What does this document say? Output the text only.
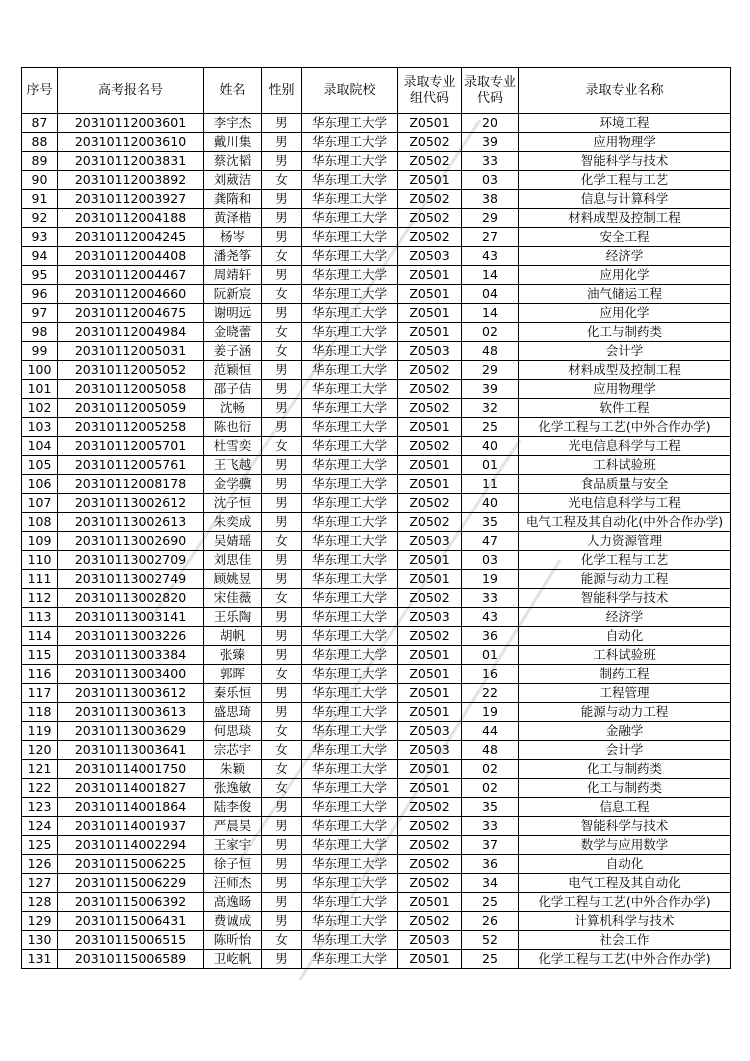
序号	高考报名号	姓名	性别	录取院校	录取专业组代码	录取专业代码	录取专业名称
87	20310112003601	李宇杰	男	华东理工大学	Z0501	20	环境工程
88	20310112003610	戴川集	男	华东理工大学	Z0502	39	应用物理学
89	20310112003831	蔡沈韬	男	华东理工大学	Z0502	33	智能科学与技术
90	20310112003892	刘葳洁	女	华东理工大学	Z0501	03	化学工程与工艺
91	20310112003927	龚隋和	男	华东理工大学	Z0502	38	信息与计算科学
92	20310112004188	黄泽楷	男	华东理工大学	Z0502	29	材料成型及控制工程
93	20310112004245	杨岑	男	华东理工大学	Z0502	27	安全工程
94	20310112004408	潘尧筝	女	华东理工大学	Z0503	43	经济学
95	20310112004467	周靖轩	男	华东理工大学	Z0501	14	应用化学
96	20310112004660	阮新宸	女	华东理工大学	Z0501	04	油气储运工程
97	20310112004675	谢明远	男	华东理工大学	Z0501	14	应用化学
98	20310112004984	金晓蕾	女	华东理工大学	Z0501	02	化工与制药类
99	20310112005031	姜子涵	女	华东理工大学	Z0503	48	会计学
100	20310112005052	范颖恒	男	华东理工大学	Z0502	29	材料成型及控制工程
101	20310112005058	邵子佶	男	华东理工大学	Z0502	39	应用物理学
102	20310112005059	沈畅	男	华东理工大学	Z0502	32	软件工程
103	20310112005258	陈也衍	男	华东理工大学	Z0501	25	化学工程与工艺(中外合作办学)
104	20310112005701	杜雪奕	女	华东理工大学	Z0502	40	光电信息科学与工程
105	20310112005761	王飞越	男	华东理工大学	Z0501	01	工科试验班
106	20310112008178	金学骥	男	华东理工大学	Z0501	11	食品质量与安全
107	20310113002612	沈子恒	男	华东理工大学	Z0502	40	光电信息科学与工程
108	20310113002613	朱奕成	男	华东理工大学	Z0502	35	电气工程及其自动化(中外合作办学)
109	20310113002690	吴婧瑶	女	华东理工大学	Z0503	47	人力资源管理
110	20310113002709	刘思佳	男	华东理工大学	Z0501	03	化学工程与工艺
111	20310113002749	顾姚昱	男	华东理工大学	Z0501	19	能源与动力工程
112	20310113002820	宋佳薇	女	华东理工大学	Z0502	33	智能科学与技术
113	20310113003141	王乐陶	男	华东理工大学	Z0503	43	经济学
114	20310113003226	胡帆	男	华东理工大学	Z0502	36	自动化
115	20310113003384	张臻	男	华东理工大学	Z0501	01	工科试验班
116	20310113003400	郭晖	女	华东理工大学	Z0501	16	制药工程
117	20310113003612	秦乐恒	男	华东理工大学	Z0501	22	工程管理
118	20310113003613	盛思琦	男	华东理工大学	Z0501	19	能源与动力工程
119	20310113003629	何思琰	女	华东理工大学	Z0503	44	金融学
120	20310113003641	宗芯宇	女	华东理工大学	Z0503	48	会计学
121	20310114001750	朱颖	女	华东理工大学	Z0501	02	化工与制药类
122	20310114001827	张逸敏	女	华东理工大学	Z0501	02	化工与制药类
123	20310114001864	陆李俊	男	华东理工大学	Z0502	35	信息工程
124	20310114001937	严晨昊	男	华东理工大学	Z0502	33	智能科学与技术
125	20310114002294	王家宇	男	华东理工大学	Z0502	37	数学与应用数学
126	20310115006225	徐子恒	男	华东理工大学	Z0502	36	自动化
127	20310115006229	汪师杰	男	华东理工大学	Z0502	34	电气工程及其自动化
128	20310115006392	高逸旸	男	华东理工大学	Z0501	25	化学工程与工艺(中外合作办学)
129	20310115006431	费诚成	男	华东理工大学	Z0502	26	计算机科学与技术
130	20310115006515	陈昕怡	女	华东理工大学	Z0503	52	社会工作
131	20310115006589	卫屹帆	男	华东理工大学	Z0501	25	化学工程与工艺(中外合作办学)
